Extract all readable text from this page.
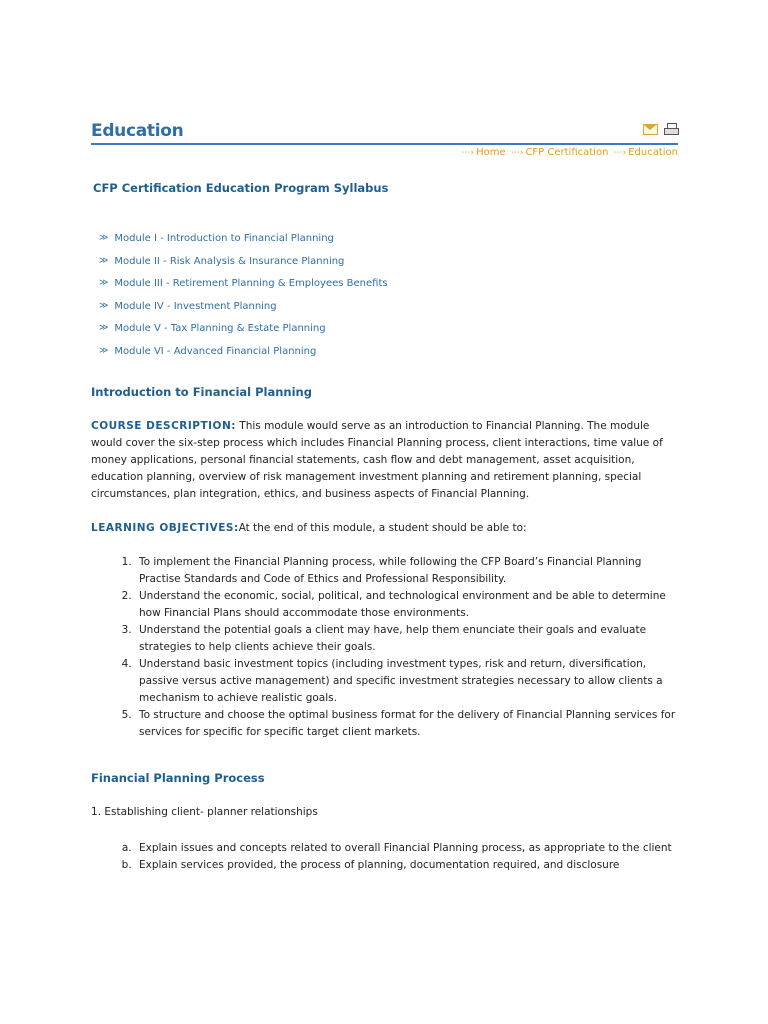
Education
⋯› Home ⋯› CFP Certification ⋯› Education
CFP Certification Education Program Syllabus
≫ Module I - Introduction to Financial Planning
≫ Module II - Risk Analysis & Insurance Planning
≫ Module III - Retirement Planning & Employees Benefits
≫ Module IV - Investment Planning
≫ Module V - Tax Planning & Estate Planning
≫ Module VI - Advanced Financial Planning
Introduction to Financial Planning
COURSE DESCRIPTION: This module would serve as an introduction to Financial Planning. The module would cover the six-step process which includes Financial Planning process, client interactions, time value of money applications, personal financial statements, cash flow and debt management, asset acquisition, education planning, overview of risk management investment planning and retirement planning, special circumstances, plan integration, ethics, and business aspects of Financial Planning.
LEARNING OBJECTIVES:At the end of this module, a student should be able to:
1. To implement the Financial Planning process, while following the CFP Board’s Financial Planning Practise Standards and Code of Ethics and Professional Responsibility.
2. Understand the economic, social, political, and technological environment and be able to determine how Financial Plans should accommodate those environments.
3. Understand the potential goals a client may have, help them enunciate their goals and evaluate strategies to help clients achieve their goals.
4. Understand basic investment topics (including investment types, risk and return, diversification, passive versus active management) and specific investment strategies necessary to allow clients a mechanism to achieve realistic goals.
5. To structure and choose the optimal business format for the delivery of Financial Planning services for services for specific for specific target client markets.
Financial Planning Process
1. Establishing client- planner relationships
a. Explain issues and concepts related to overall Financial Planning process, as appropriate to the client
b. Explain services provided, the process of planning, documentation required, and disclosure
